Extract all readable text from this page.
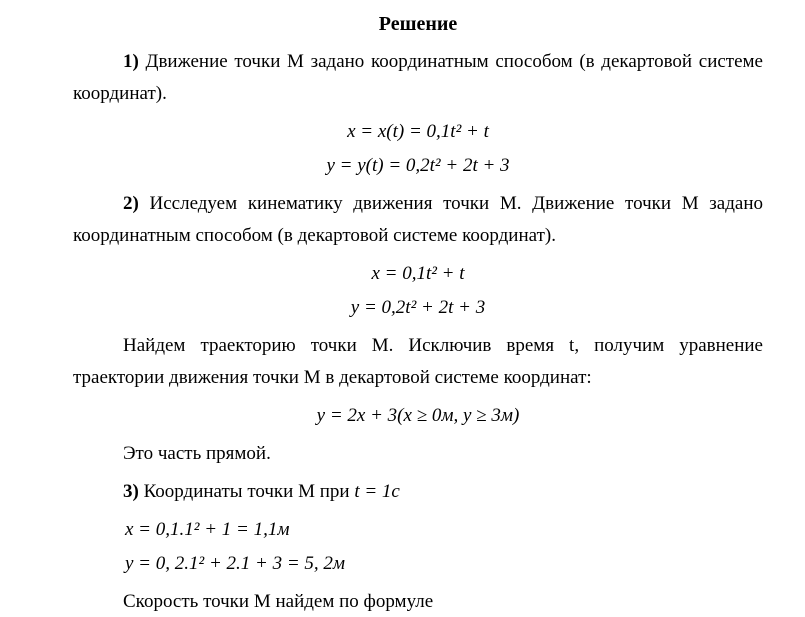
Решение

1) Движение точки М задано координатным способом (в декартовой системе координат).

x = x(t) = 0,1t² + t
y = y(t) = 0,2t² + 2t + 3

2) Исследуем кинематику движения точки М. Движение точки М задано координатным способом (в декартовой системе координат).

x = 0,1t² + t
y = 0,2t² + 2t + 3

Найдем траекторию точки М. Исключив время t, получим уравнение траектории движения точки М в декартовой системе координат:

y = 2x + 3(x ≥ 0м, y ≥ 3м)

Это часть прямой.

3) Координаты точки М при t = 1c

x = 0,1.1² + 1 = 1,1м
y = 0, 2.1² + 2.1 + 3 = 5, 2м

Скорость точки М найдем по формуле
